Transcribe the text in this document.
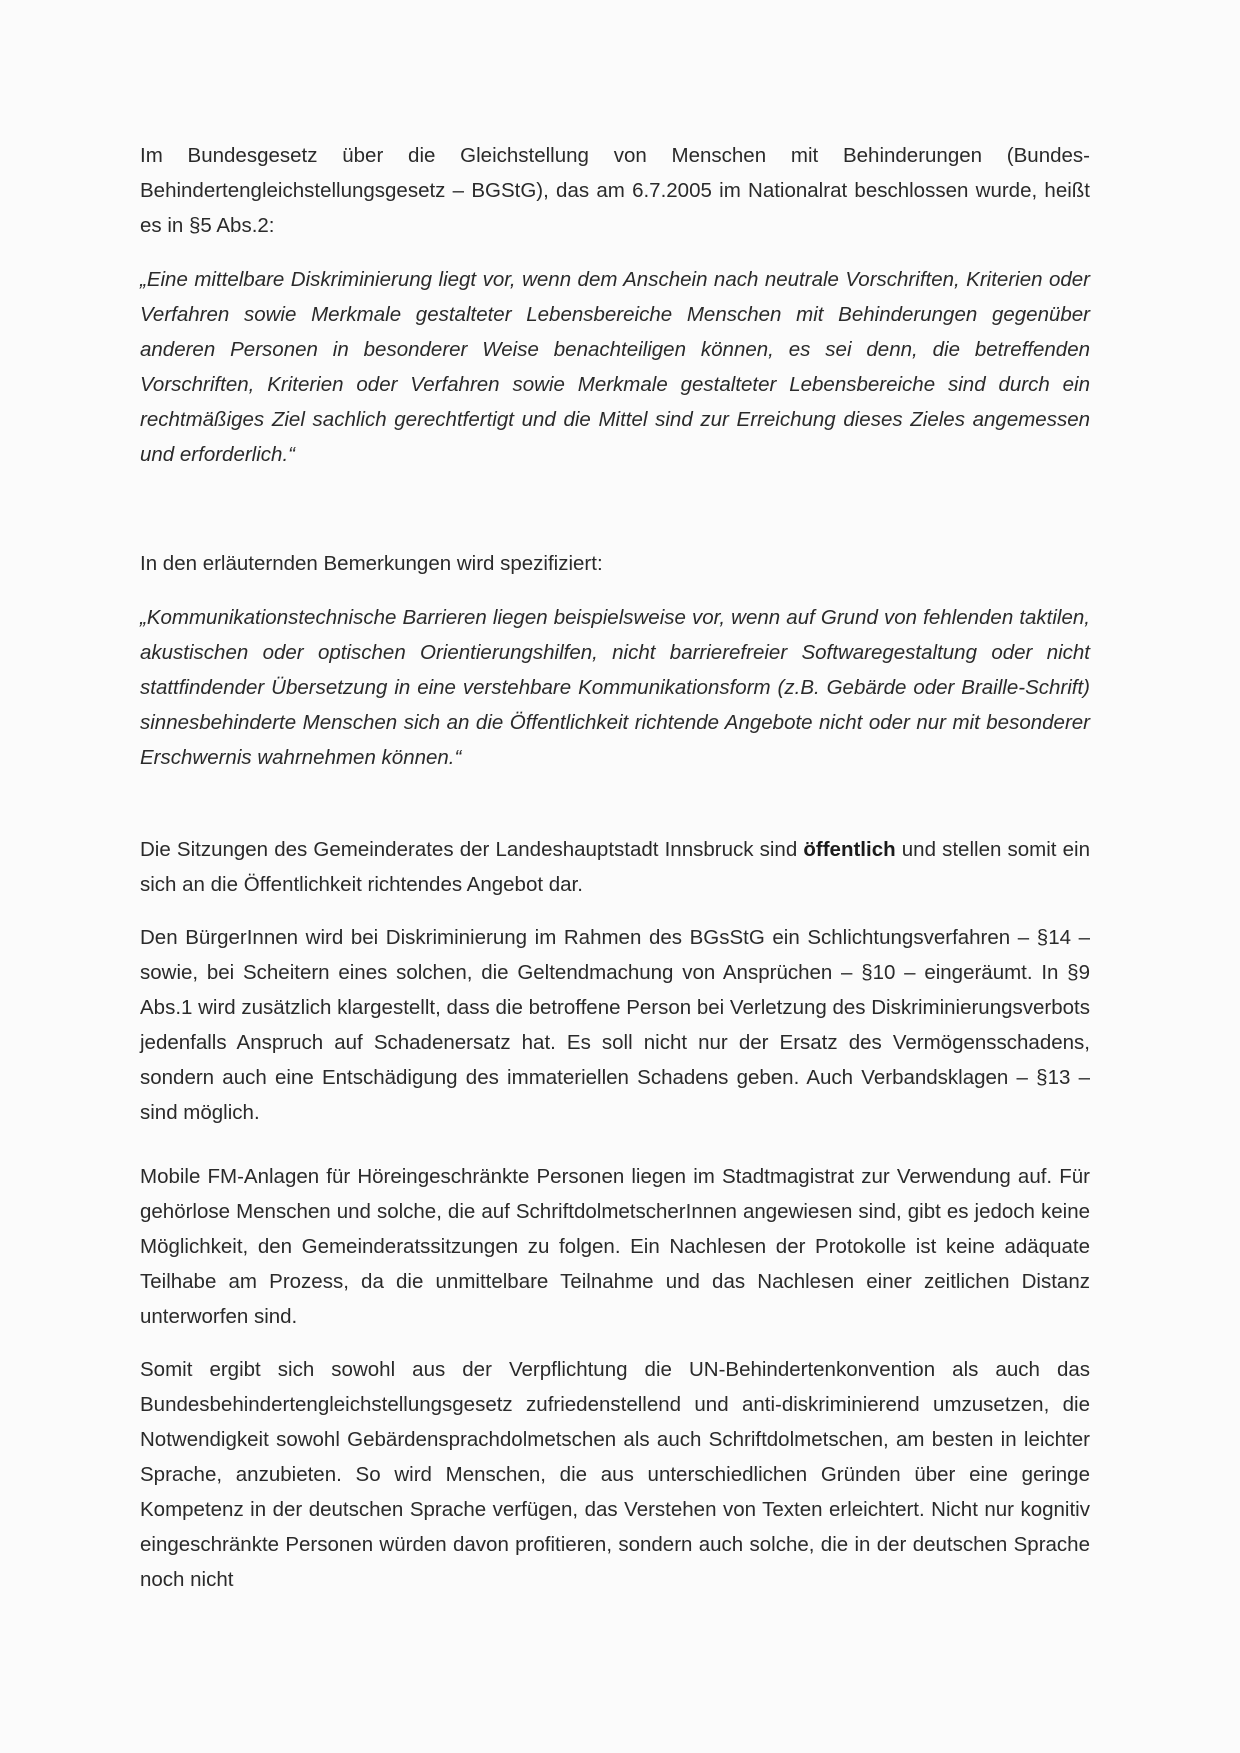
Im Bundesgesetz über die Gleichstellung von Menschen mit Behinderungen (Bundes-Behindertengleichstellungsgesetz – BGStG), das am 6.7.2005 im Nationalrat beschlossen wurde, heißt es in §5 Abs.2:

„Eine mittelbare Diskriminierung liegt vor, wenn dem Anschein nach neutrale Vorschriften, Kriterien oder Verfahren sowie Merkmale gestalteter Lebensbereiche Menschen mit Behinderungen gegenüber anderen Personen in besonderer Weise benachteiligen können, es sei denn, die betreffenden Vorschriften, Kriterien oder Verfahren sowie Merkmale gestalteter Lebensbereiche sind durch ein rechtmäßiges Ziel sachlich gerechtfertigt und die Mittel sind zur Erreichung dieses Zieles angemessen und erforderlich.“

In den erläuternden Bemerkungen wird spezifiziert:

„Kommunikationstechnische Barrieren liegen beispielsweise vor, wenn auf Grund von fehlenden taktilen, akustischen oder optischen Orientierungshilfen, nicht barrierefreier Softwaregestaltung oder nicht stattfindender Übersetzung in eine verstehbare Kommunikationsform (z.B. Gebärde oder Braille-Schrift) sinnesbehinderte Menschen sich an die Öffentlichkeit richtende Angebote nicht oder nur mit besonderer Erschwernis wahrnehmen können.“

Die Sitzungen des Gemeinderates der Landeshauptstadt Innsbruck sind öffentlich und stellen somit ein sich an die Öffentlichkeit richtendes Angebot dar.

Den BürgerInnen wird bei Diskriminierung im Rahmen des BGsStG ein Schlichtungsverfahren – §14 – sowie, bei Scheitern eines solchen, die Geltendmachung von Ansprüchen – §10 – eingeräumt. In §9 Abs.1 wird zusätzlich klargestellt, dass die betroffene Person bei Verletzung des Diskriminierungsverbots jedenfalls Anspruch auf Schadenersatz hat. Es soll nicht nur der Ersatz des Vermögensschadens, sondern auch eine Entschädigung des immateriellen Schadens geben. Auch Verbandsklagen – §13 – sind möglich.

Mobile FM-Anlagen für Höreingeschränkte Personen liegen im Stadtmagistrat zur Verwendung auf. Für gehörlose Menschen und solche, die auf SchriftdolmetscherInnen angewiesen sind, gibt es jedoch keine Möglichkeit, den Gemeinderatssitzungen zu folgen. Ein Nachlesen der Protokolle ist keine adäquate Teilhabe am Prozess, da die unmittelbare Teilnahme und das Nachlesen einer zeitlichen Distanz unterworfen sind.

Somit ergibt sich sowohl aus der Verpflichtung die UN-Behindertenkonvention als auch das Bundesbehindertengleichstellungsgesetz zufriedenstellend und anti-diskriminierend umzusetzen, die Notwendigkeit sowohl Gebärdensprachdolmetschen als auch Schriftdolmetschen, am besten in leichter Sprache, anzubieten. So wird Menschen, die aus unterschiedlichen Gründen über eine geringe Kompetenz in der deutschen Sprache verfügen, das Verstehen von Texten erleichtert. Nicht nur kognitiv eingeschränkte Personen würden davon profitieren, sondern auch solche, die in der deutschen Sprache noch nicht
